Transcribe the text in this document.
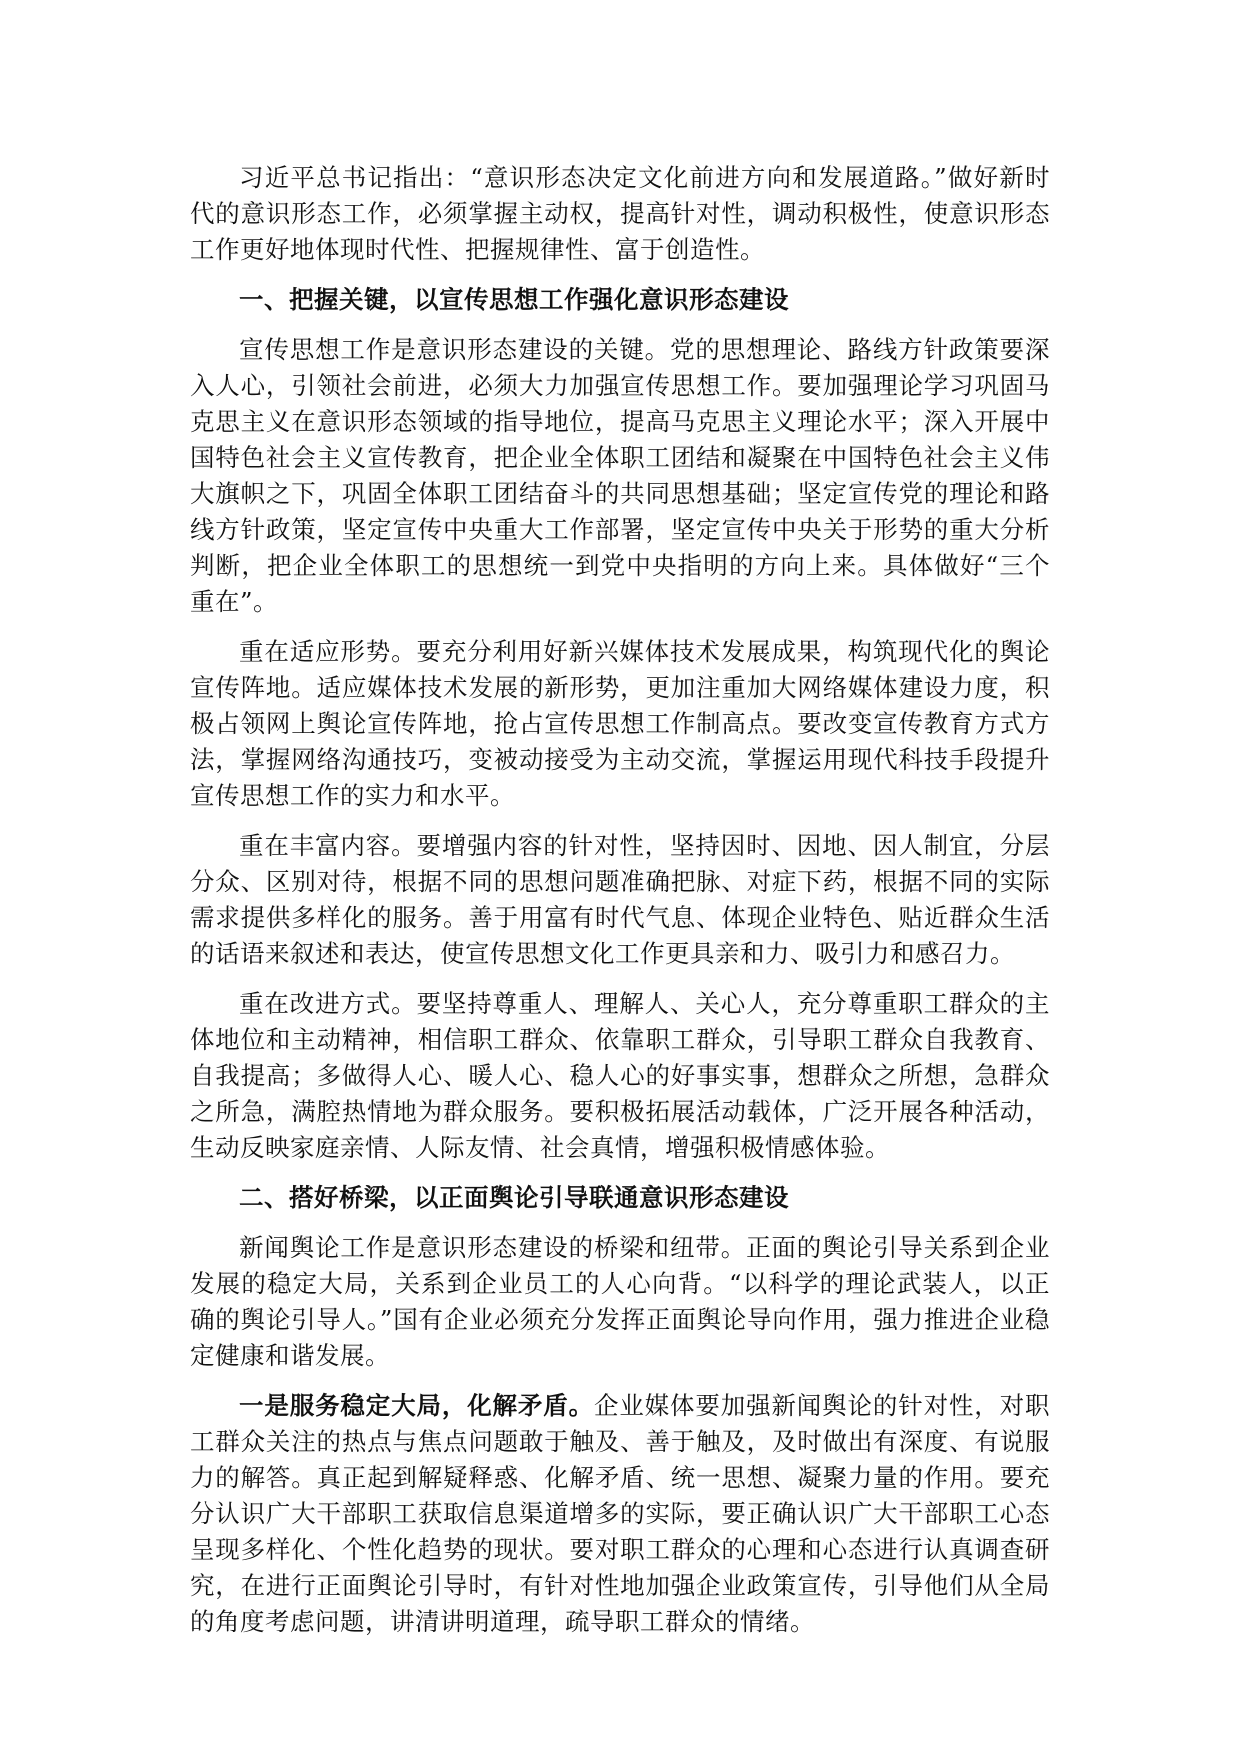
习近平总书记指出：“意识形态决定文化前进方向和发展道路。”做好新时代的意识形态工作，必须掌握主动权，提高针对性，调动积极性，使意识形态工作更好地体现时代性、把握规律性、富于创造性。

一、把握关键，以宣传思想工作强化意识形态建设

宣传思想工作是意识形态建设的关键。党的思想理论、路线方针政策要深入人心，引领社会前进，必须大力加强宣传思想工作。要加强理论学习巩固马克思主义在意识形态领域的指导地位，提高马克思主义理论水平；深入开展中国特色社会主义宣传教育，把企业全体职工团结和凝聚在中国特色社会主义伟大旗帜之下，巩固全体职工团结奋斗的共同思想基础；坚定宣传党的理论和路线方针政策，坚定宣传中央重大工作部署，坚定宣传中央关于形势的重大分析判断，把企业全体职工的思想统一到党中央指明的方向上来。具体做好“三个重在”。

重在适应形势。要充分利用好新兴媒体技术发展成果，构筑现代化的舆论宣传阵地。适应媒体技术发展的新形势，更加注重加大网络媒体建设力度，积极占领网上舆论宣传阵地，抢占宣传思想工作制高点。要改变宣传教育方式方法，掌握网络沟通技巧，变被动接受为主动交流，掌握运用现代科技手段提升宣传思想工作的实力和水平。

重在丰富内容。要增强内容的针对性，坚持因时、因地、因人制宜，分层分众、区别对待，根据不同的思想问题准确把脉、对症下药，根据不同的实际需求提供多样化的服务。善于用富有时代气息、体现企业特色、贴近群众生活的话语来叙述和表达，使宣传思想文化工作更具亲和力、吸引力和感召力。

重在改进方式。要坚持尊重人、理解人、关心人，充分尊重职工群众的主体地位和主动精神，相信职工群众、依靠职工群众，引导职工群众自我教育、自我提高；多做得人心、暖人心、稳人心的好事实事，想群众之所想，急群众之所急，满腔热情地为群众服务。要积极拓展活动载体，广泛开展各种活动，生动反映家庭亲情、人际友情、社会真情，增强积极情感体验。

二、搭好桥梁，以正面舆论引导联通意识形态建设

新闻舆论工作是意识形态建设的桥梁和纽带。正面的舆论引导关系到企业发展的稳定大局，关系到企业员工的人心向背。“以科学的理论武装人，以正确的舆论引导人。”国有企业必须充分发挥正面舆论导向作用，强力推进企业稳定健康和谐发展。

一是服务稳定大局，化解矛盾。企业媒体要加强新闻舆论的针对性，对职工群众关注的热点与焦点问题敢于触及、善于触及，及时做出有深度、有说服力的解答。真正起到解疑释惑、化解矛盾、统一思想、凝聚力量的作用。要充分认识广大干部职工获取信息渠道增多的实际，要正确认识广大干部职工心态呈现多样化、个性化趋势的现状。要对职工群众的心理和心态进行认真调查研究，在进行正面舆论引导时，有针对性地加强企业政策宣传，引导他们从全局的角度考虑问题，讲清讲明道理，疏导职工群众的情绪。
